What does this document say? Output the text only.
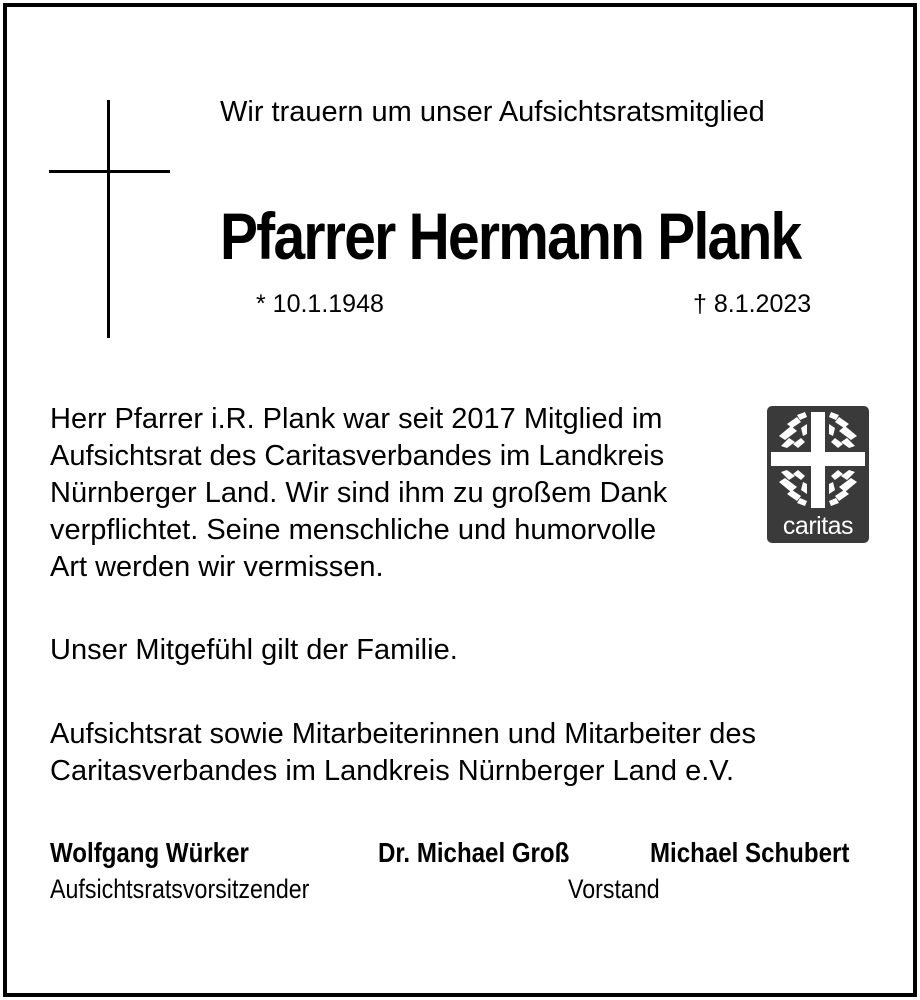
Wir trauern um unser Aufsichtsratsmitglied
Pfarrer Hermann Plank
* 10.1.1948	† 8.1.2023
Herr Pfarrer i.R. Plank war seit 2017 Mitglied im
Aufsichtsrat des Caritasverbandes im Landkreis
Nürnberger Land. Wir sind ihm zu großem Dank
verpflichtet. Seine menschliche und humorvolle
Art werden wir vermissen.
caritas
Unser Mitgefühl gilt der Familie.
Aufsichtsrat sowie Mitarbeiterinnen und Mitarbeiter des
Caritasverbandes im Landkreis Nürnberger Land e.V.
Wolfgang Würker	Dr. Michael Groß	Michael Schubert
Aufsichtsratsvorsitzender	Vorstand
